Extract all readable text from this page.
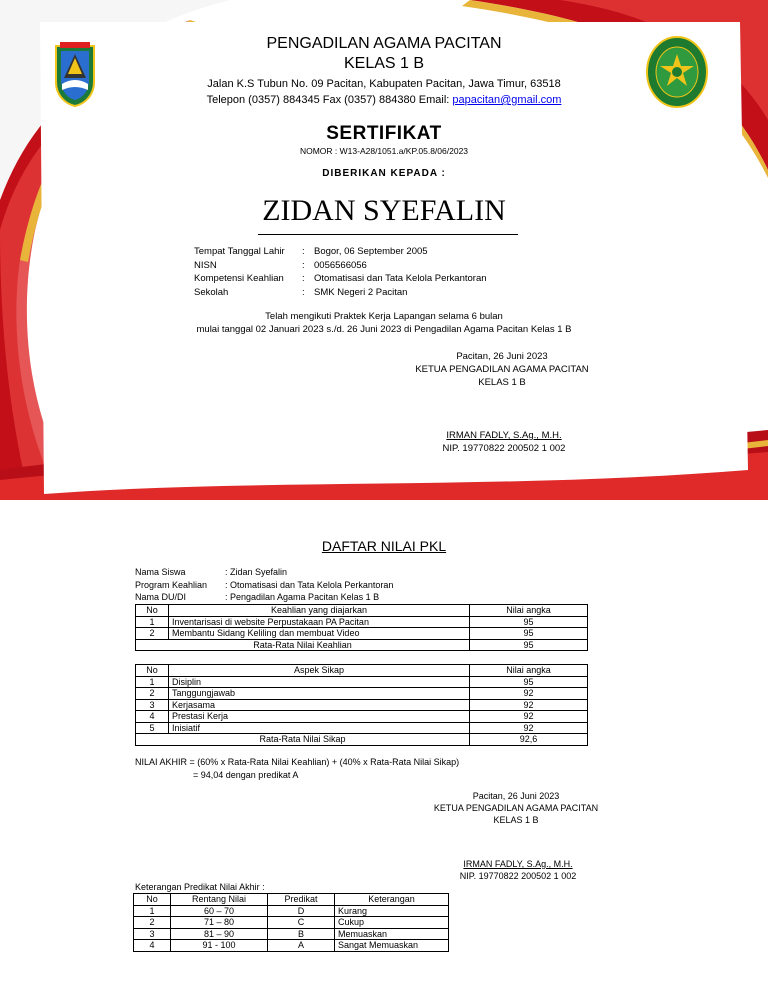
PENGADILAN AGAMA PACITAN
KELAS 1 B
Jalan K.S Tubun No. 09 Pacitan, Kabupaten Pacitan, Jawa Timur, 63518
Telepon (0357) 884345 Fax (0357) 884380 Email: papacitan@gmail.com
SERTIFIKAT
NOMOR : W13-A28/1051.a/KP.05.8/06/2023
DIBERIKAN KEPADA :
ZIDAN SYEFALIN
Tempat Tanggal Lahir : Bogor, 06 September 2005
NISN	: 0056566056
Kompetensi Keahlian : Otomatisasi dan Tata Kelola Perkantoran
Sekolah	: SMK Negeri 2 Pacitan
Telah mengikuti Praktek Kerja Lapangan selama 6 bulan
mulai tanggal 02 Januari 2023 s./d. 26 Juni 2023 di Pengadilan Agama Pacitan Kelas 1 B
Pacitan, 26 Juni 2023
KETUA PENGADILAN AGAMA PACITAN
KELAS 1 B
IRMAN FADLY, S.Ag., M.H.
NIP. 19770822 200502 1 002
DAFTAR NILAI PKL
Nama Siswa	: Zidan Syefalin
Program Keahlian : Otomatisasi dan Tata Kelola Perkantoran
Nama DU/DI	: Pengadilan Agama Pacitan Kelas 1 B
No	Keahlian yang diajarkan	Nilai angka
1	Inventarisasi di website Perpustakaan PA Pacitan	95
2	Membantu Sidang Keliling dan membuat Video	95
Rata-Rata Nilai Keahlian		95
No	Aspek Sikap	Nilai angka
1	Disiplin	95
2	Tanggungjawab	92
3	Kerjasama	92
4	Prestasi Kerja	92
5	Inisiatif	92
Rata-Rata Nilai Sikap		92,6
NILAI AKHIR = (60% x Rata-Rata Nilai Keahlian) + (40% x Rata-Rata Nilai Sikap)
= 94,04 dengan predikat A
Pacitan, 26 Juni 2023
KETUA PENGADILAN AGAMA PACITAN
KELAS 1 B
IRMAN FADLY, S.Ag., M.H.
NIP. 19770822 200502 1 002
Keterangan Predikat Nilai Akhir :
No	Rentang Nilai	Predikat	Keterangan
1	60 – 70	D	Kurang
2	71 – 80	C	Cukup
3	81 – 90	B	Memuaskan
4	91 - 100	A	Sangat Memuaskan
